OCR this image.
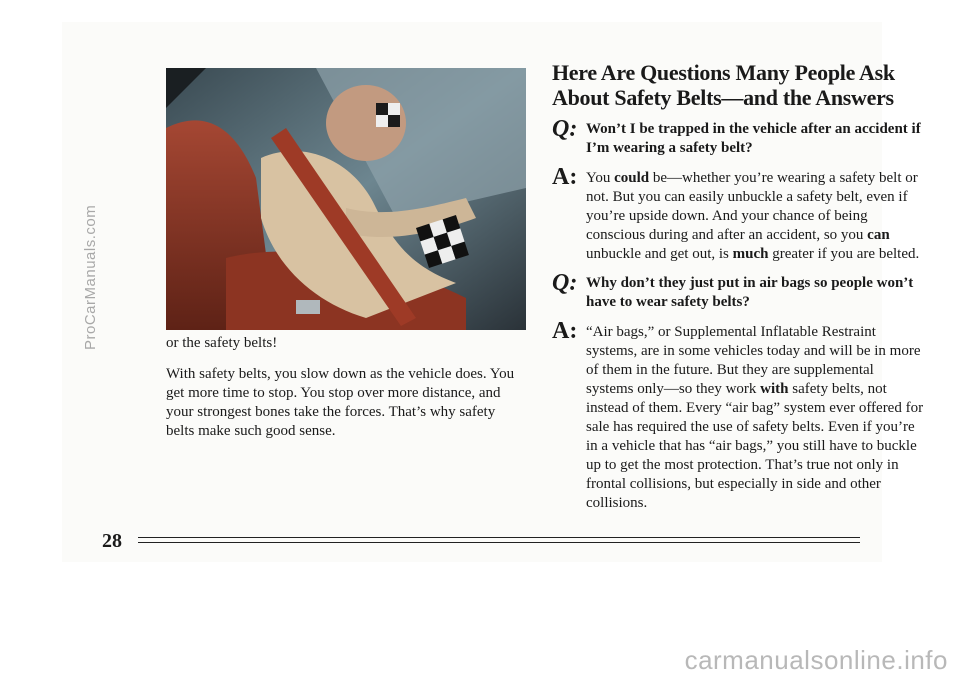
or the safety belts!

With safety belts, you slow down as the vehicle does. You get more time to stop. You stop over more distance, and your strongest bones take the forces. That’s why safety belts make such good sense.

Here Are Questions Many People Ask About Safety Belts—and the Answers
Q: Won’t I be trapped in the vehicle after an accident if I’m wearing a safety belt?
A: You could be—whether you’re wearing a safety belt or not. But you can easily unbuckle a safety belt, even if you’re upside down. And your chance of being conscious during and after an accident, so you can unbuckle and get out, is much greater if you are belted.
Q: Why don’t they just put in air bags so people won’t have to wear safety belts?
A: “Air bags,” or Supplemental Inflatable Restraint systems, are in some vehicles today and will be in more of them in the future. But they are supplemental systems only—so they work with safety belts, not instead of them. Every “air bag” system ever offered for sale has required the use of safety belts. Even if you’re in a vehicle that has “air bags,” you still have to buckle up to get the most protection. That’s true not only in frontal collisions, but especially in side and other collisions.
ProCarManuals.com
28
carmanualsonline.info
